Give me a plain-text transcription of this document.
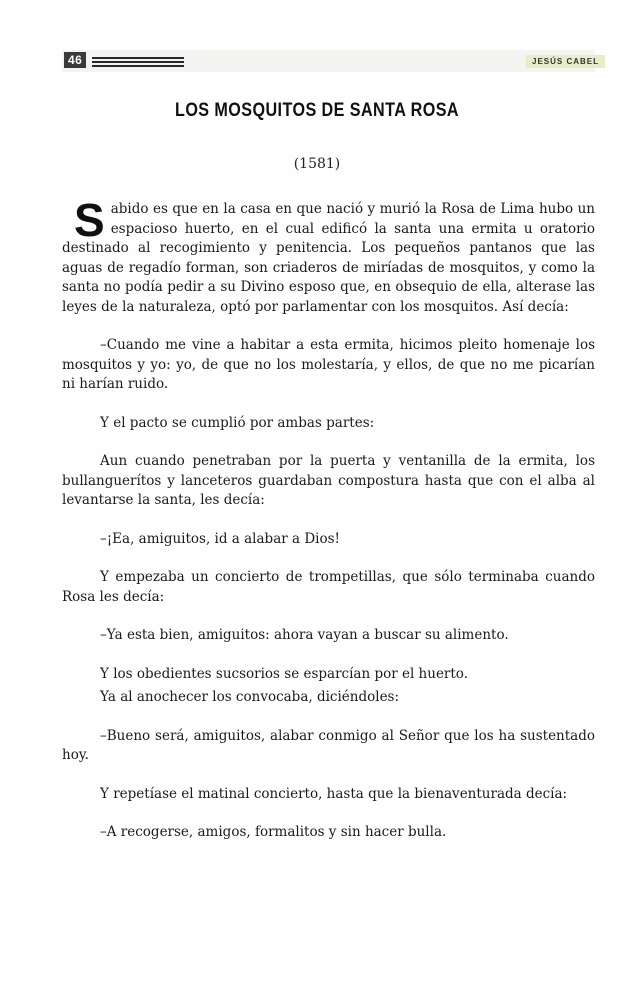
46	JESÚS CABEL
LOS MOSQUITOS DE SANTA ROSA
(1581)

Sabido es que en la casa en que nació y murió la Rosa de Lima hubo un espacioso huerto, en el cual edificó la santa una ermita u oratorio destinado al recogimiento y penitencia. Los pequeños pantanos que las aguas de regadío forman, son criaderos de miríadas de mosquitos, y como la santa no podía pedir a su Divino esposo que, en obsequio de ella, alterase las leyes de la naturaleza, optó por parlamentar con los mosquitos. Así decía:

–Cuando me vine a habitar a esta ermita, hicimos pleito homenaje los mosquitos y yo: yo, de que no los molestaría, y ellos, de que no me picarían ni harían ruido.

Y el pacto se cumplió por ambas partes:

Aun cuando penetraban por la puerta y ventanilla de la ermita, los bullanguerítos y lanceteros guardaban compostura hasta que con el alba al levantarse la santa, les decía:

–¡Ea, amiguitos, id a alabar a Dios!

Y empezaba un concierto de trompetillas, que sólo terminaba cuando Rosa les decía:

–Ya esta bien, amiguitos: ahora vayan a buscar su alimento.

Y los obedientes sucsorios se esparcían por el huerto.

Ya al anochecer los convocaba, diciéndoles:

–Bueno será, amiguitos, alabar conmigo al Señor que los ha sustentado hoy.

Y repetíase el matinal concierto, hasta que la bienaventurada decía:

–A recogerse, amigos, formalitos y sin hacer bulla.
